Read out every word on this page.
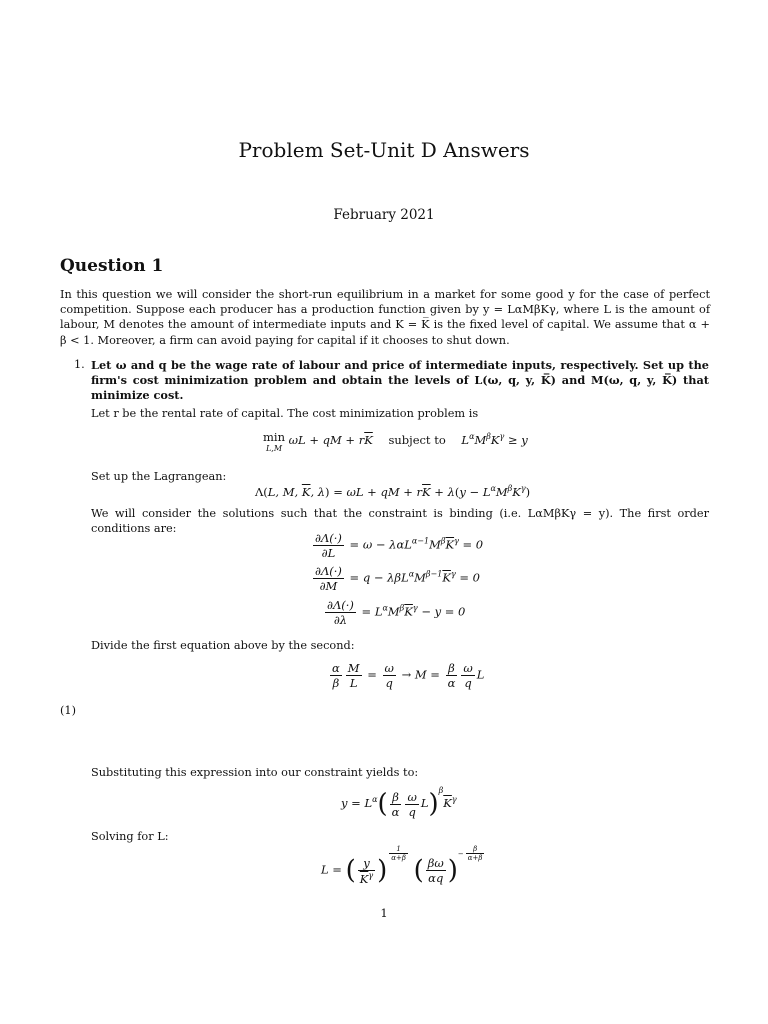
Problem Set-Unit D Answers
February 2021
Question 1
In this question we will consider the short-run equilibrium in a market for some good y for the case of perfect competition. Suppose each producer has a production function given by y = LαMβKγ, where L is the amount of labour, M denotes the amount of intermediate inputs and K = K̅ is the fixed level of capital. We assume that α + β < 1. Moreover, a firm can avoid paying for capital if it chooses to shut down.
1. Let ω and q be the wage rate of labour and price of intermediate inputs, respectively. Set up the firm's cost minimization problem and obtain the levels of L(ω, q, y, K̅) and M(ω, q, y, K̅) that minimize cost.
Let r be the rental rate of capital. The cost minimization problem is
min
L,M ωL + qM + $r\overline{K}$ subject to $L^\alpha M^\beta K^\gamma \ge y$
Set up the Lagrangean:
Λ(L, M, $\overline{K}$, λ) = ωL + qM + $r\overline{K} + \lambda(y - L^\alpha M^\beta K^\gamma)$
We will consider the solutions such that the constraint is binding (i.e. LαMβKγ = y). The first order conditions are:
$\frac{\partial\Lambda(\cdot)}{\partial L} = \omega - \lambda\alpha L^{\alpha-1}M^\beta\overline{K}^\gamma = 0$
$\frac{\partial\Lambda(\cdot)}{\partial M} = q - \lambda\beta L^\alpha M^{\beta-1}\overline{K}^\gamma = 0$
$\frac{\partial\Lambda(\cdot)}{\partial\lambda} = L^\alpha M^\beta\overline{K}^\gamma - y = 0$
Divide the first equation above by the second:
$\frac{\alpha}{\beta} \frac{M}{L} = \frac{\omega}{q} \to M = \frac{\beta}{\alpha} \frac{\omega}{q}$ L
(1)
Substituting this expression into our constraint yields to:
$y = L^\alpha( \frac{\beta}{\alpha} \frac{\omega}{q} L)^\beta\overline{K}^\gamma$
Solving for L:
L = ( $\frac{y}{\overline{K}^\gamma}$ )
$^{\frac{1}{\alpha+\beta}}$
( $\frac{\beta\omega}{\alpha q} )^{- \frac{\beta}{\alpha+\beta}}$
1
